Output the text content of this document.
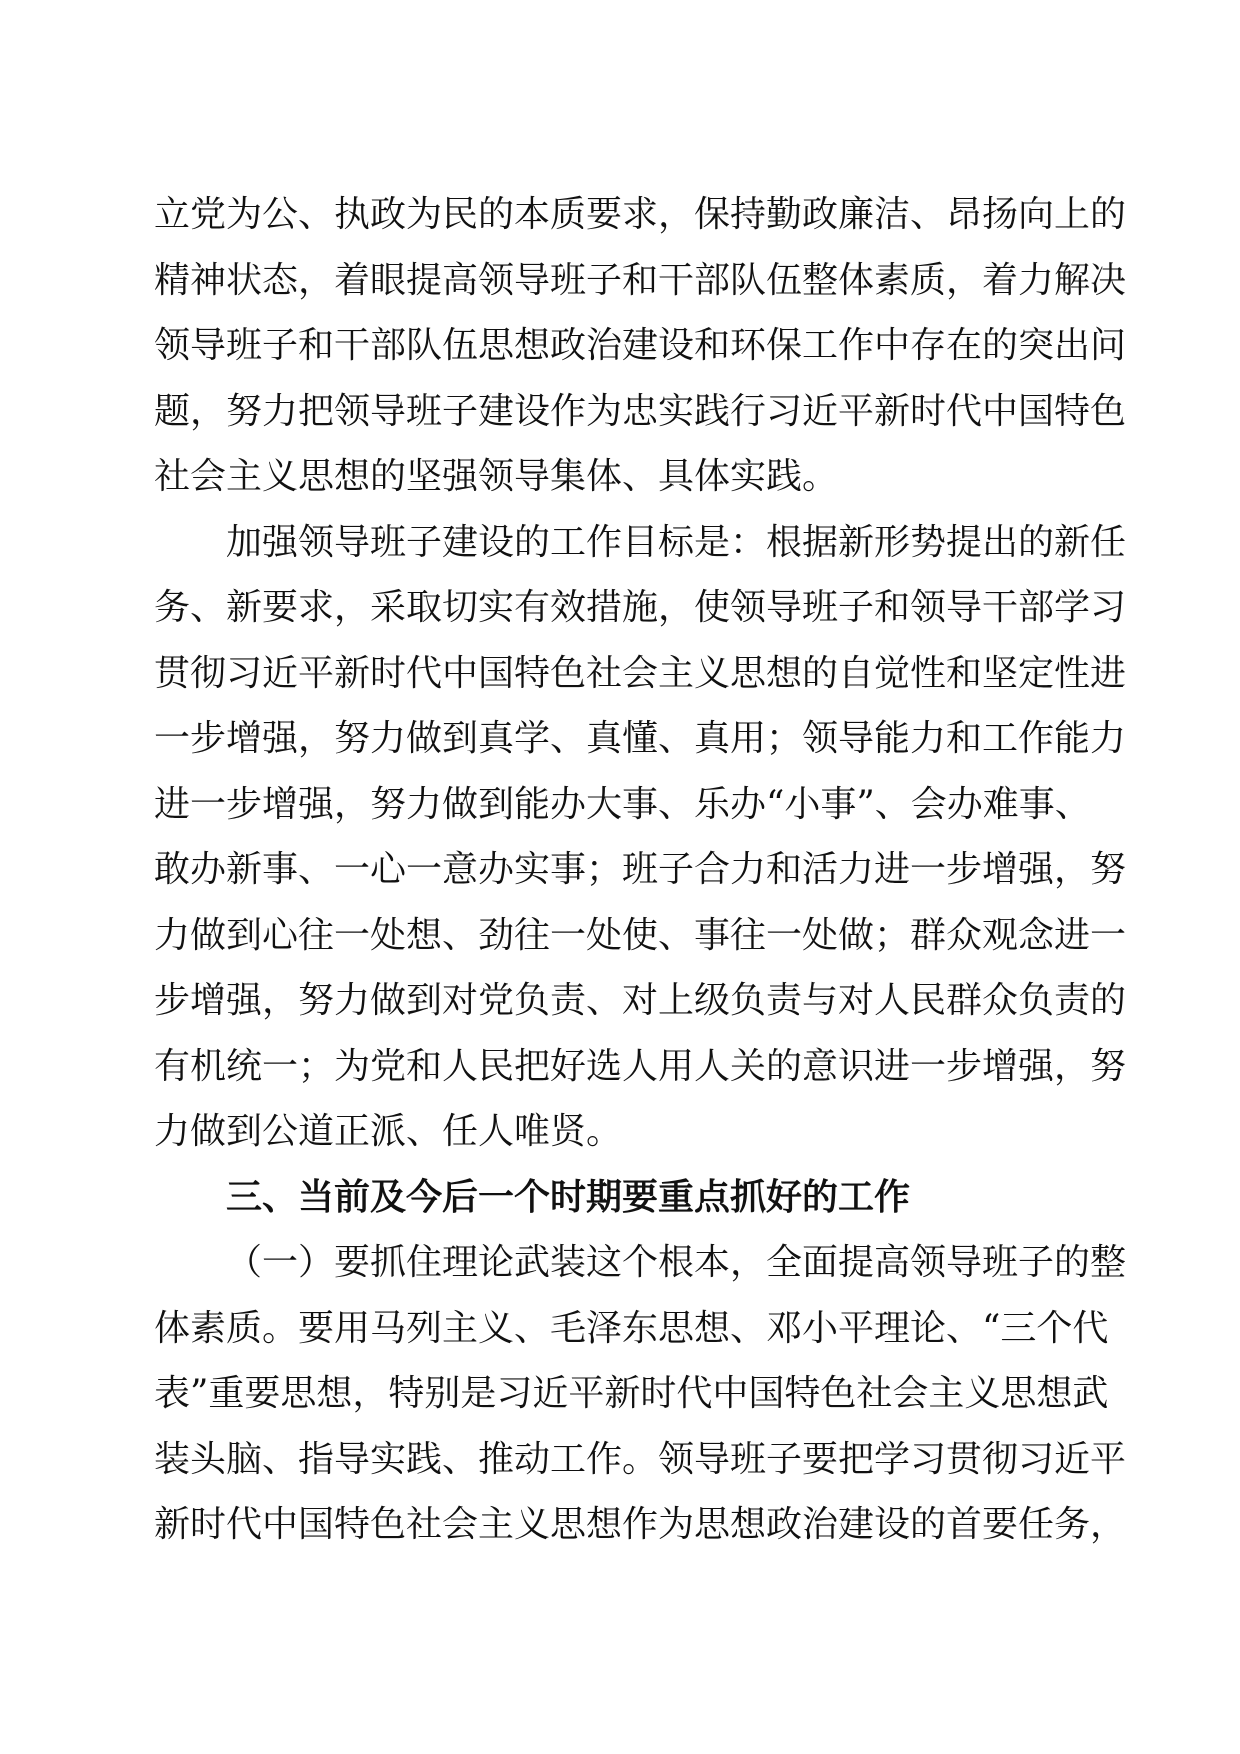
立党为公、执政为民的本质要求，保持勤政廉洁、昂扬向上的
精神状态，着眼提高领导班子和干部队伍整体素质，着力解决
领导班子和干部队伍思想政治建设和环保工作中存在的突出问
题，努力把领导班子建设作为忠实践行习近平新时代中国特色
社会主义思想的坚强领导集体、具体实践。
加强领导班子建设的工作目标是：根据新形势提出的新任
务、新要求，采取切实有效措施，使领导班子和领导干部学习
贯彻习近平新时代中国特色社会主义思想的自觉性和坚定性进
一步增强，努力做到真学、真懂、真用；领导能力和工作能力
进一步增强，努力做到能办大事、乐办“小事”、会办难事、
敢办新事、一心一意办实事；班子合力和活力进一步增强，努
力做到心往一处想、劲往一处使、事往一处做；群众观念进一
步增强，努力做到对党负责、对上级负责与对人民群众负责的
有机统一；为党和人民把好选人用人关的意识进一步增强，努
力做到公道正派、任人唯贤。
三、当前及今后一个时期要重点抓好的工作
（一）要抓住理论武装这个根本，全面提高领导班子的整
体素质。要用马列主义、毛泽东思想、邓小平理论、“三个代
表”重要思想，特别是习近平新时代中国特色社会主义思想武
装头脑、指导实践、推动工作。领导班子要把学习贯彻习近平
新时代中国特色社会主义思想作为思想政治建设的首要任务，
